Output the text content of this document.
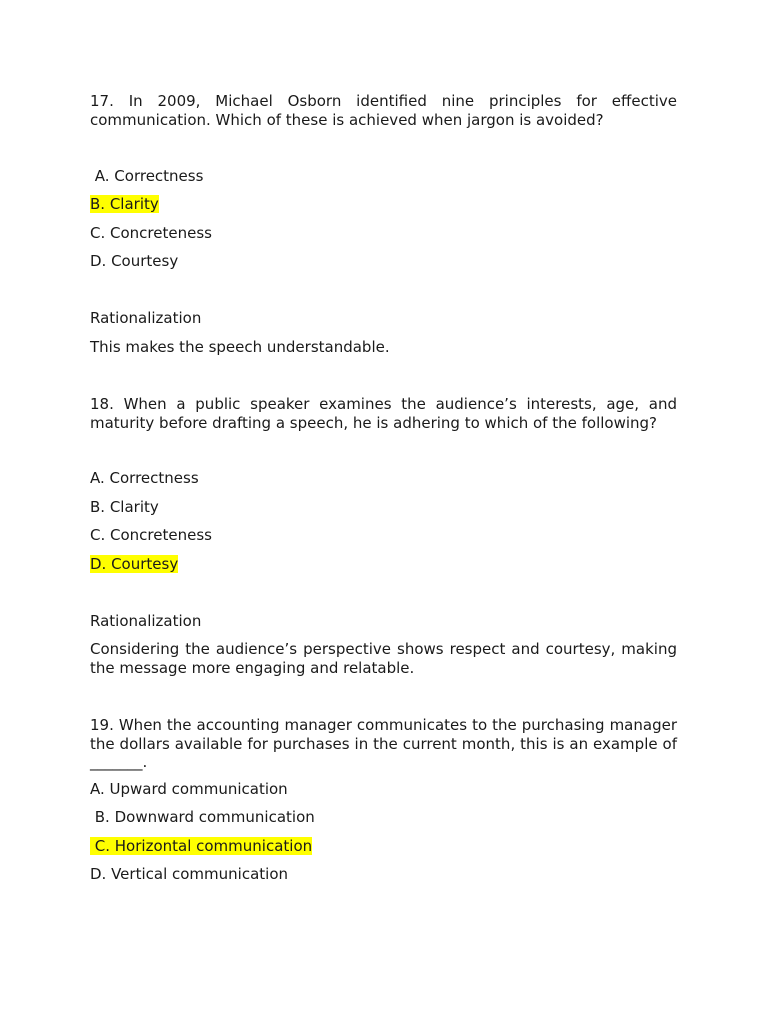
17. In 2009, Michael Osborn identified nine principles for effective communication. Which of these is achieved when jargon is avoided?

A. Correctness
B. Clarity
C. Concreteness
D. Courtesy
Rationalization
This makes the speech understandable.

18. When a public speaker examines the audience’s interests, age, and maturity before drafting a speech, he is adhering to which of the following?

A. Correctness
B. Clarity
C. Concreteness
D. Courtesy
Rationalization

Considering the audience’s perspective shows respect and courtesy, making the message more engaging and relatable.

19. When the accounting manager communicates to the purchasing manager the dollars available for purchases in the current month, this is an example of _______.

A. Upward communication
B. Downward communication
C. Horizontal communication
D. Vertical communication
